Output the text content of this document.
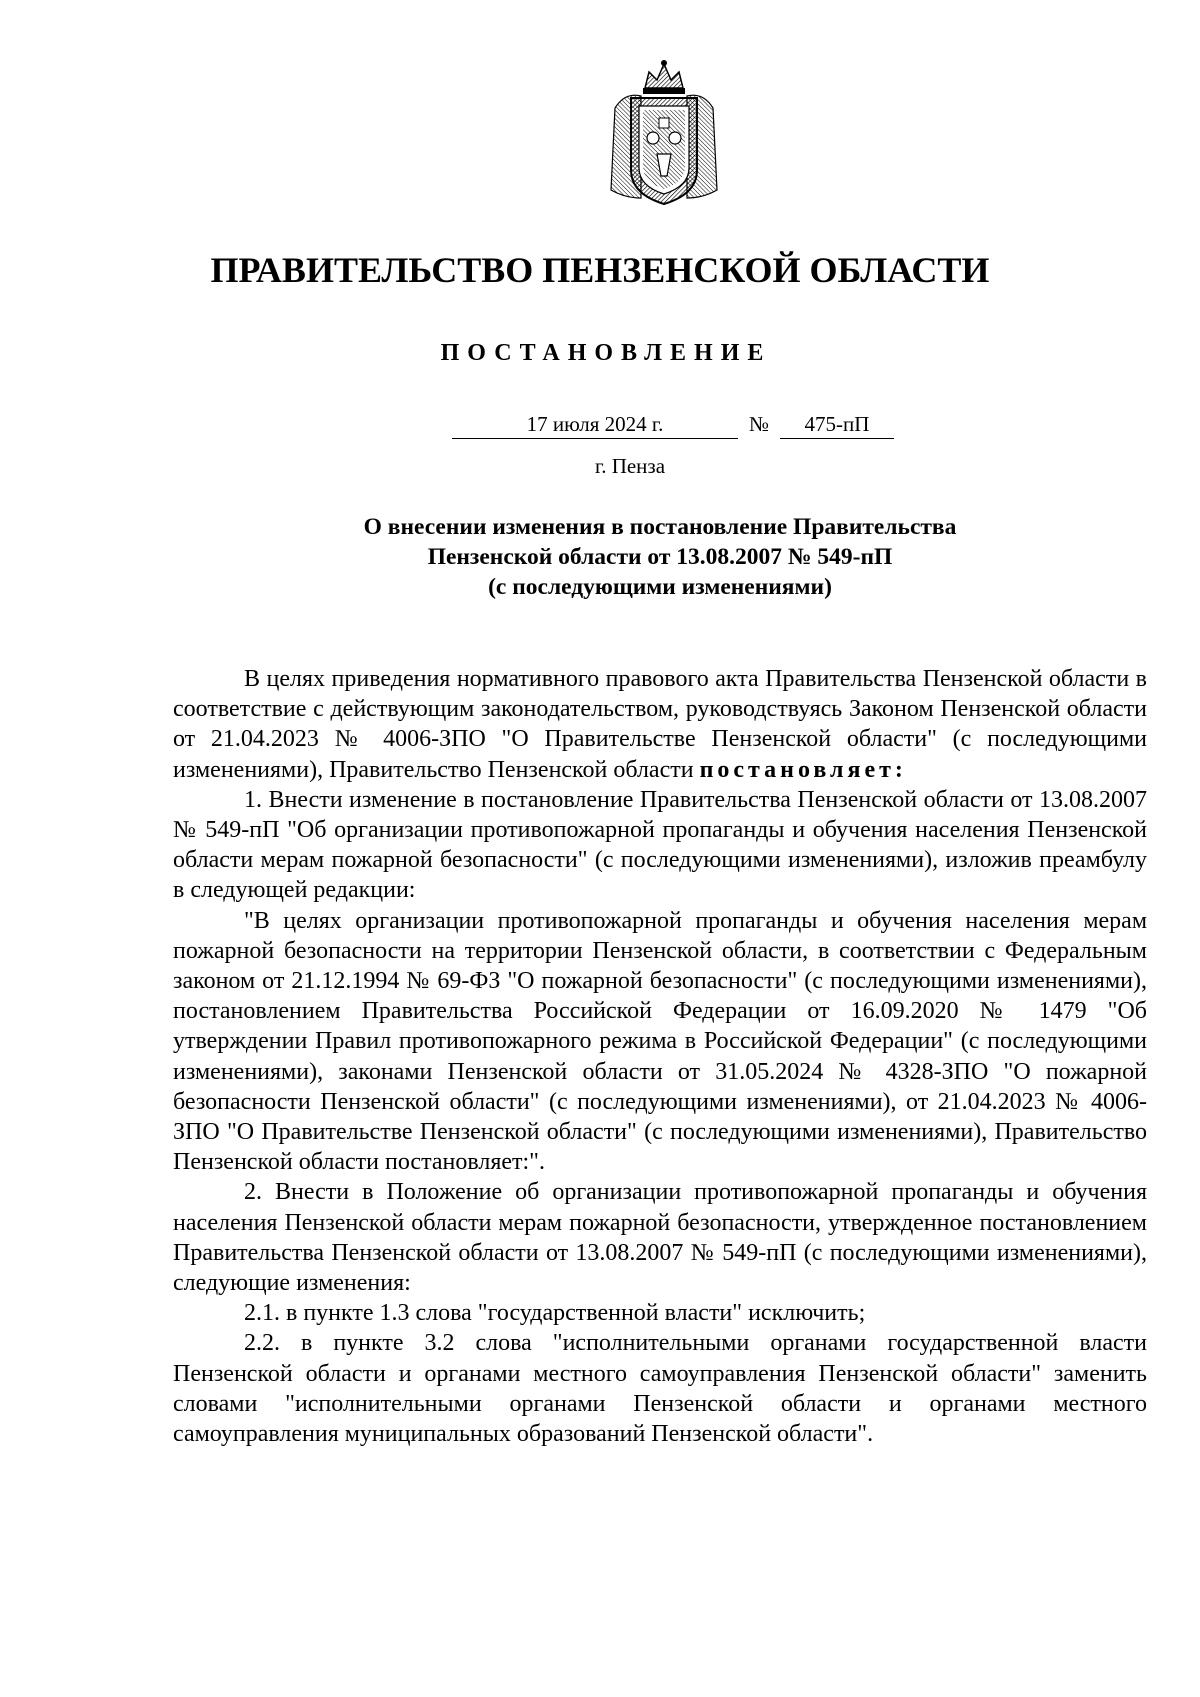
ПРАВИТЕЛЬСТВО ПЕНЗЕНСКОЙ ОБЛАСТИ
ПОСТАНОВЛЕНИЕ
17 июля 2024 г.	№	475-пП
г. Пенза
О внесении изменения в постановление Правительства
Пензенской области от 13.08.2007 № 549-пП
(с последующими изменениями)

В целях приведения нормативного правового акта Правительства Пензенской области в соответствие с действующим законодательством, руководствуясь Законом Пензенской области от 21.04.2023 № 4006-ЗПО "О Правительстве Пензенской области" (с последующими изменениями), Правительство Пензенской области постановляет:

1. Внести изменение в постановление Правительства Пензенской области от 13.08.2007 № 549-пП "Об организации противопожарной пропаганды и обучения населения Пензенской области мерам пожарной безопасности" (с последующими изменениями), изложив преамбулу в следующей редакции:

"В целях организации противопожарной пропаганды и обучения населения мерам пожарной безопасности на территории Пензенской области, в соответствии с Федеральным законом от 21.12.1994 № 69-ФЗ "О пожарной безопасности" (с последующими изменениями), постановлением Правительства Российской Федерации от 16.09.2020 № 1479 "Об утверждении Правил противопожарного режима в Российской Федерации" (с последующими изменениями), законами Пензенской области от 31.05.2024 № 4328-ЗПО "О пожарной безопасности Пензенской области" (с последующими изменениями), от 21.04.2023 № 4006-ЗПО "О Правительстве Пензенской области" (с последующими изменениями), Правительство Пензенской области постановляет:".

2. Внести в Положение об организации противопожарной пропаганды и обучения населения Пензенской области мерам пожарной безопасности, утвержденное постановлением Правительства Пензенской области от 13.08.2007 № 549-пП (с последующими изменениями), следующие изменения:

2.1. в пункте 1.3 слова "государственной власти" исключить;

2.2. в пункте 3.2 слова "исполнительными органами государственной власти Пензенской области и органами местного самоуправления Пензенской области" заменить словами "исполнительными органами Пензенской области и органами местного самоуправления муниципальных образований Пензенской области".
